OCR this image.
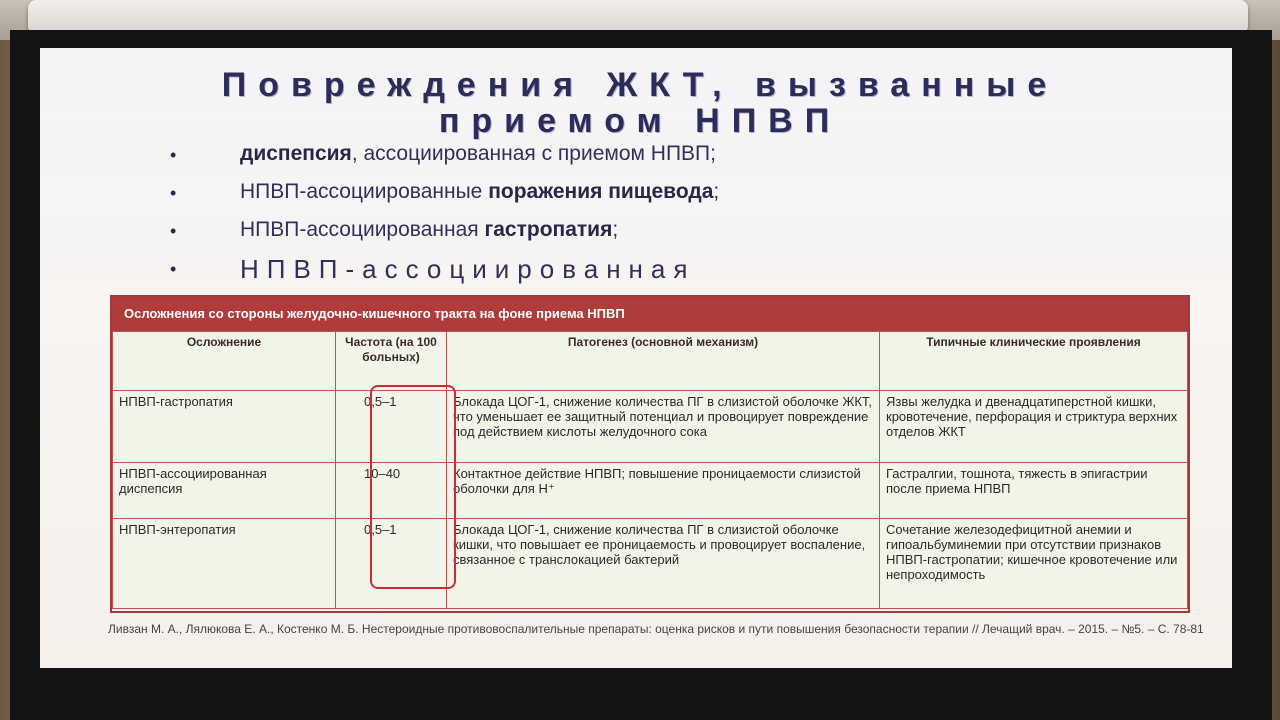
Повреждения ЖКТ, вызванные
приемом НПВП
•	диспепсия, ассоциированная с приемом НПВП;
•	НПВП-ассоциированные поражения пищевода;
•	НПВП-ассоциированная гастропатия;
• НПВП-ассоциированная
Осложнения со стороны желудочно-кишечного тракта на фоне приема НПВП
Осложнение	Частота (на 100 больных)	Патогенез (основной механизм)	Типичные клинические проявления
НПВП-гастропатия	0,5–1	Блокада ЦОГ-1, снижение количества ПГ в слизистой оболочке ЖКТ, что уменьшает ее защитный потенциал и провоцирует повреждение под действием кислоты желудочного сока	Язвы желудка и двенадцатиперстной кишки, кровотечение, перфорация и стриктура верхних отделов ЖКТ
НПВП-ассоциированная диспепсия	10–40	Контактное действие НПВП; повышение проницаемости слизистой оболочки для H⁺	Гастралгии, тошнота, тяжесть в эпигастрии после приема НПВП
НПВП-энтеропатия	0,5–1	Блокада ЦОГ-1, снижение количества ПГ в слизистой оболочке кишки, что повышает ее проницаемость и провоцирует воспаление, связанное с транслокацией бактерий	Сочетание железодефицитной анемии и гипоальбуминемии при отсутствии признаков НПВП-гастропатии; кишечное кровотечение или непроходимость
Ливзан М. А., Лялюкова Е. А., Костенко М. Б. Нестероидные противовоспалительные препараты: оценка рисков и пути повышения безопасности терапии // Лечащий врач. – 2015. – №5. – С. 78-81
